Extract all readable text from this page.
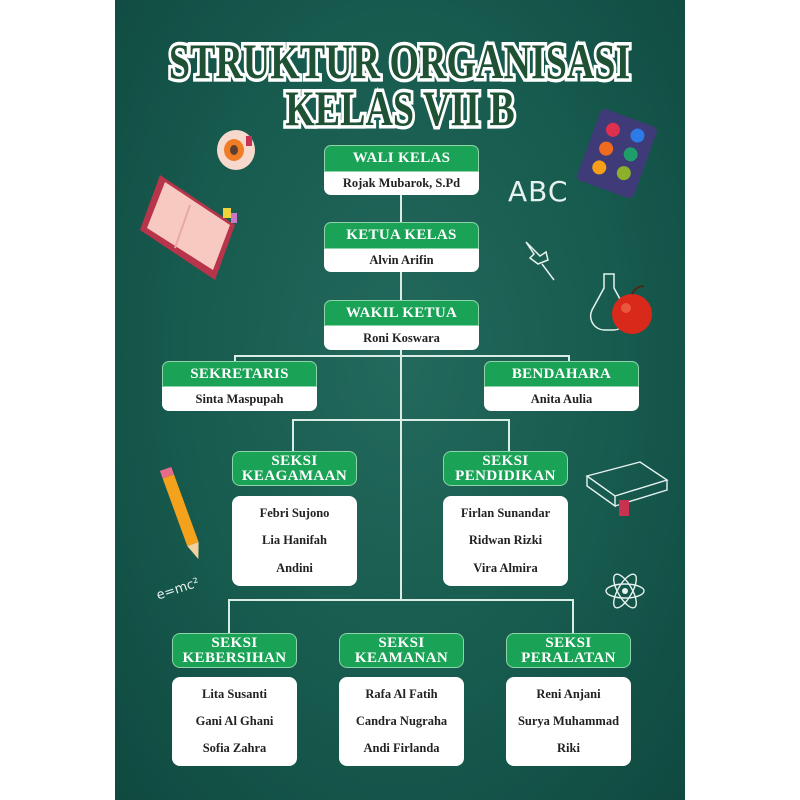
STRUKTUR ORGANISASI
KELAS VII B
WALI KELAS
Rojak Mubarok, S.Pd
KETUA KELAS
Alvin Arifin
WAKIL KETUA
Roni Koswara
SEKRETARIS
Sinta Maspupah
BENDAHARA
Anita Aulia
SEKSI
KEAGAMAAN
Febri Sujono
Lia Hanifah
Andini
SEKSI
PENDIDIKAN
Firlan Sunandar
Ridwan Rizki
Vira Almira
SEKSI
KEBERSIHAN
Lita Susanti
Gani Al Ghani
Sofia Zahra
SEKSI
KEAMANAN
Rafa Al Fatih
Candra Nugraha
Andi Firlanda
SEKSI
PERALATAN
Reni Anjani
Surya Muhammad
Riki
ABC
e=mc²
